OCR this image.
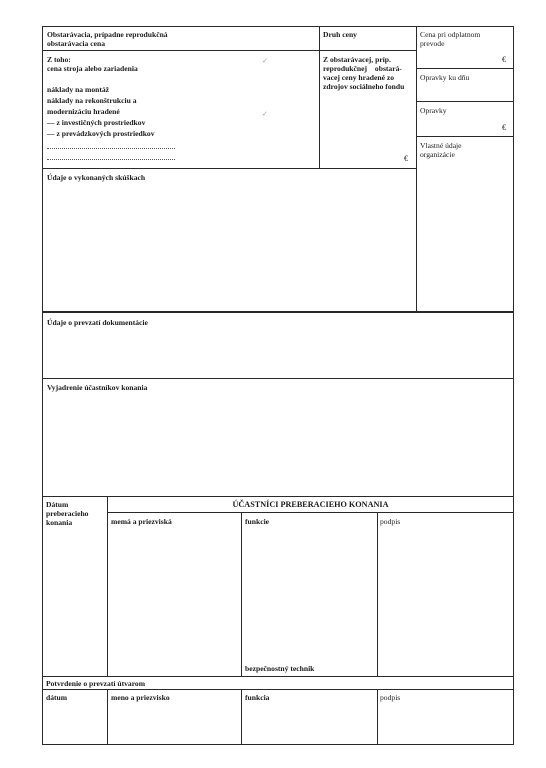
Obstarávacia, prípadne reprodukčná
obstarávacia cena
Z toho:
cena stroja alebo zariadenia
náklady na montáž
náklady na rekonštrukciu a
modernizáciu hradené
— z investičných prostriedkov
— z prevádzkových prostriedkov
✓
✓
Druh ceny
Z obstarávacej, príp.
reprodukčnej obstará-
vacej ceny hradené zo
zdrojov sociálneho fondu
€
Cena pri odplatnom
prevode
€
Opravky ku dňu
Opravky
€
Vlastné údaje
organizácie
Údaje o vykonaných skúškach
Údaje o prevzatí dokumentácie
Vyjadrenie účastníkov konania
Dátum
preberacieho
konania
ÚČASTNÍCI PREBERACIEHO KONANIA
memá a priezviská	funkcie	podpis
bezpečnostný technik
Potvrdenie o prevzatí útvarom
dátum	meno a priezvisko	funkcia	podpis
